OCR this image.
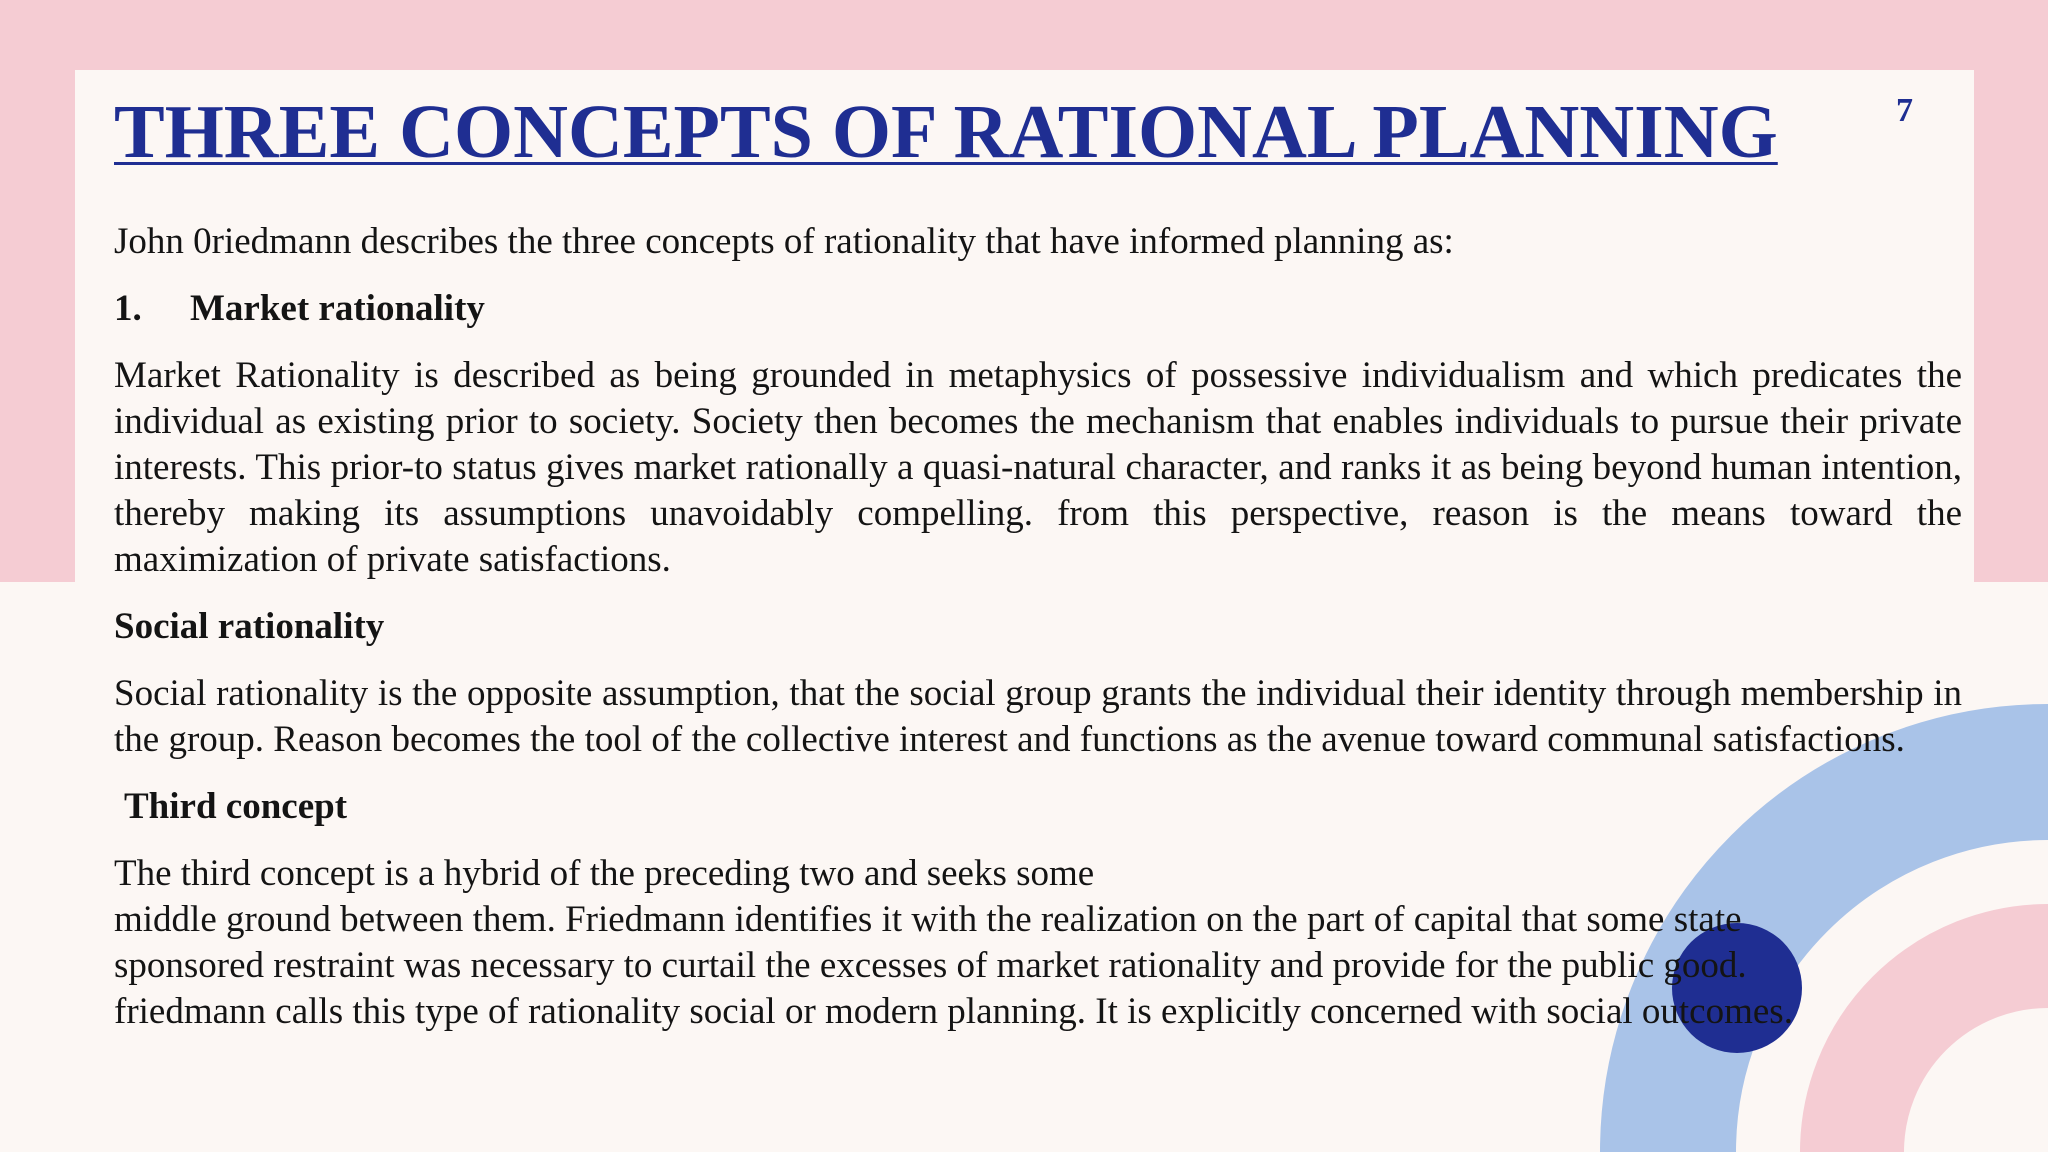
7
THREE CONCEPTS OF RATIONAL PLANNING

John 0riedmann describes the three concepts of rationality that have informed planning as:

1. Market rationality

Market Rationality is described as being grounded in metaphysics of possessive individualism and which predicates the individual as existing prior to society. Society then becomes the mechanism that enables individuals to pursue their private interests. This prior-to status gives market rationally a quasi-natural character, and ranks it as being beyond human intention, thereby making its assumptions unavoidably compelling. from this perspective, reason is the means toward the maximization of private satisfactions.

Social rationality

Social rationality is the opposite assumption, that the social group grants the individual their identity through membership in the group. Reason becomes the tool of the collective interest and functions as the avenue toward communal satisfactions.

Third concept

The third concept is a hybrid of the preceding two and seeks some
middle ground between them. Friedmann identifies it with the realization on the part of capital that some state
sponsored restraint was necessary to curtail the excesses of market rationality and provide for the public good.
friedmann calls this type of rationality social or modern planning. It is explicitly concerned with social outcomes.
